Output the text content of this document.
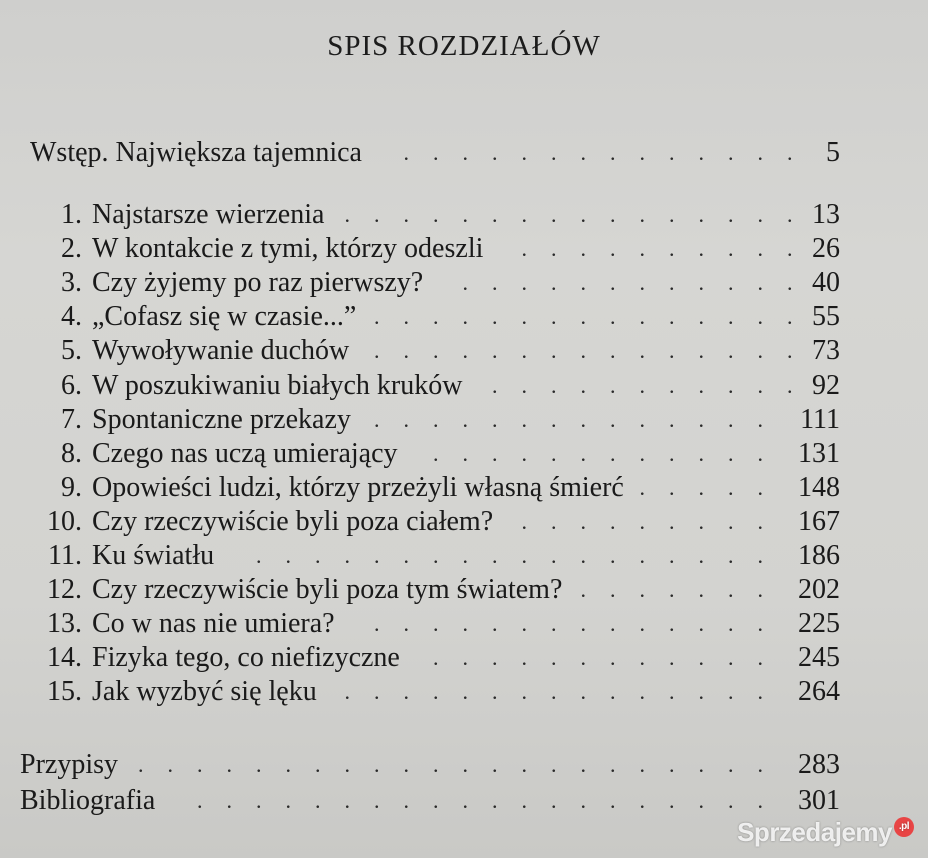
SPIS ROZDZIAŁÓW
Wstęp. Największa tajemnica .............. 5
1. Najstarsze wierzenia ................
13
2. W kontakcie z tymi, którzy odeszli ..........
26
3. Czy żyjemy po raz pierwszy? ............
40
4. „Cofasz się w czasie...” ...............
55
5. Wywoływanie duchów ...............
73
6. W poszukiwaniu białych kruków ...........
92
7. Spontaniczne przekazy .............. 111
8. Czego nas uczą umierający ............ 131
9. Opowieści ludzi, którzy przeżyli własną śmierć ..... 148
10. Czy rzeczywiście byli poza ciałem? ......... 167
11. Ku światłu .................. 186
12. Czy rzeczywiście byli poza tym światem? ....... 202
13. Co w nas nie umiera? .............. 225
14. Fizyka tego, co niefizyczne ............ 245
15. Jak wyzbyć się lęku ............... 264
Przypisy ...................... 283
Bibliografia .................... 301
Sprzedajemy .pl
